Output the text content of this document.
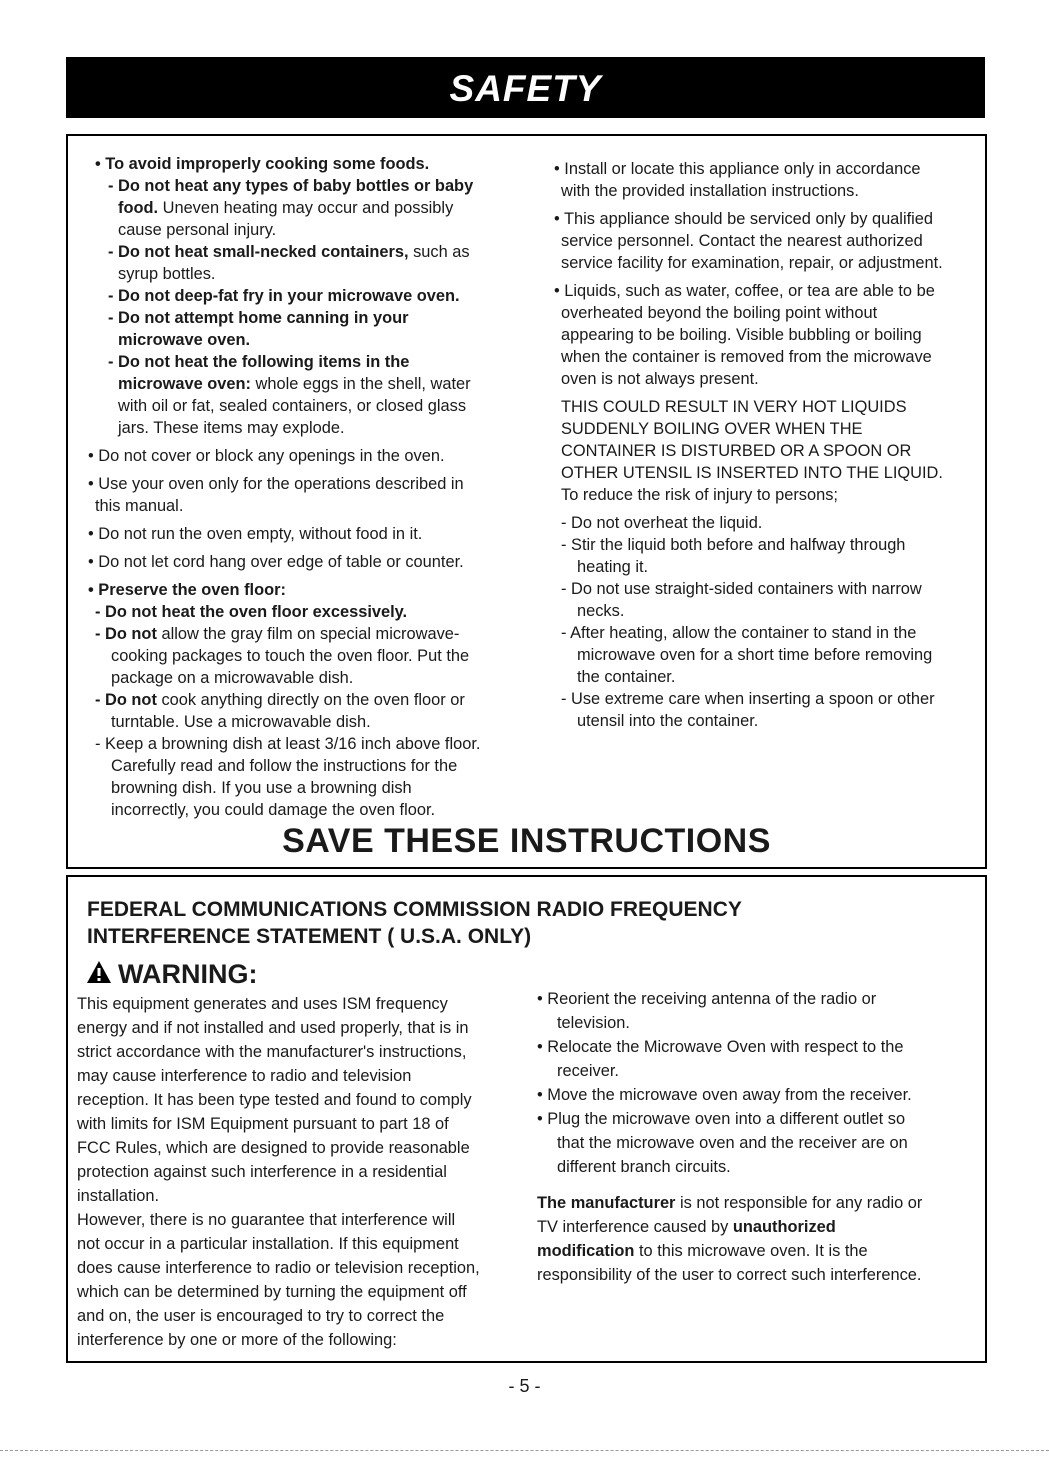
SAFETY
• To avoid improperly cooking some foods.
- Do not heat any types of baby bottles or baby
food. Uneven heating may occur and possibly
cause personal injury.
- Do not heat small-necked containers, such as
syrup bottles.
- Do not deep-fat fry in your microwave oven.
- Do not attempt home canning in your
microwave oven.
- Do not heat the following items in the
microwave oven: whole eggs in the shell, water
with oil or fat, sealed containers, or closed glass
jars. These items may explode.
• Do not cover or block any openings in the oven.
• Use your oven only for the operations described in
this manual.
• Do not run the oven empty, without food in it.
• Do not let cord hang over edge of table or counter.
• Preserve the oven floor:
- Do not heat the oven floor excessively.
- Do not allow the gray film on special microwave-
cooking packages to touch the oven floor. Put the
package on a microwavable dish.
- Do not cook anything directly on the oven floor or
turntable. Use a microwavable dish.
- Keep a browning dish at least 3/16 inch above floor.
Carefully read and follow the instructions for the
browning dish. If you use a browning dish
incorrectly, you could damage the oven floor.
• Install or locate this appliance only in accordance
with the provided installation instructions.
• This appliance should be serviced only by qualified
service personnel. Contact the nearest authorized
service facility for examination, repair, or adjustment.
• Liquids, such as water, coffee, or tea are able to be
overheated beyond the boiling point without
appearing to be boiling. Visible bubbling or boiling
when the container is removed from the microwave
oven is not always present.
THIS COULD RESULT IN VERY HOT LIQUIDS
SUDDENLY BOILING OVER WHEN THE
CONTAINER IS DISTURBED OR A SPOON OR
OTHER UTENSIL IS INSERTED INTO THE LIQUID.
To reduce the risk of injury to persons;
- Do not overheat the liquid.
- Stir the liquid both before and halfway through
heating it.
- Do not use straight-sided containers with narrow
necks.
- After heating, allow the container to stand in the
microwave oven for a short time before removing
the container.
- Use extreme care when inserting a spoon or other
utensil into the container.
SAVE THESE INSTRUCTIONS
FEDERAL COMMUNICATIONS COMMISSION RADIO FREQUENCY
INTERFERENCE STATEMENT ( U.S.A. ONLY)
WARNING:
This equipment generates and uses ISM frequency
energy and if not installed and used properly, that is in
strict accordance with the manufacturer's instructions,
may cause interference to radio and television
reception. It has been type tested and found to comply
with limits for ISM Equipment pursuant to part 18 of
FCC Rules, which are designed to provide reasonable
protection against such interference in a residential
installation.
However, there is no guarantee that interference will
not occur in a particular installation. If this equipment
does cause interference to radio or television reception,
which can be determined by turning the equipment off
and on, the user is encouraged to try to correct the
interference by one or more of the following:
• Reorient the receiving antenna of the radio or
television.
• Relocate the Microwave Oven with respect to the
receiver.
• Move the microwave oven away from the receiver.
• Plug the microwave oven into a different outlet so
that the microwave oven and the receiver are on
different branch circuits.
The manufacturer is not responsible for any radio or
TV interference caused by unauthorized
modification to this microwave oven. It is the
responsibility of the user to correct such interference.
- 5 -
